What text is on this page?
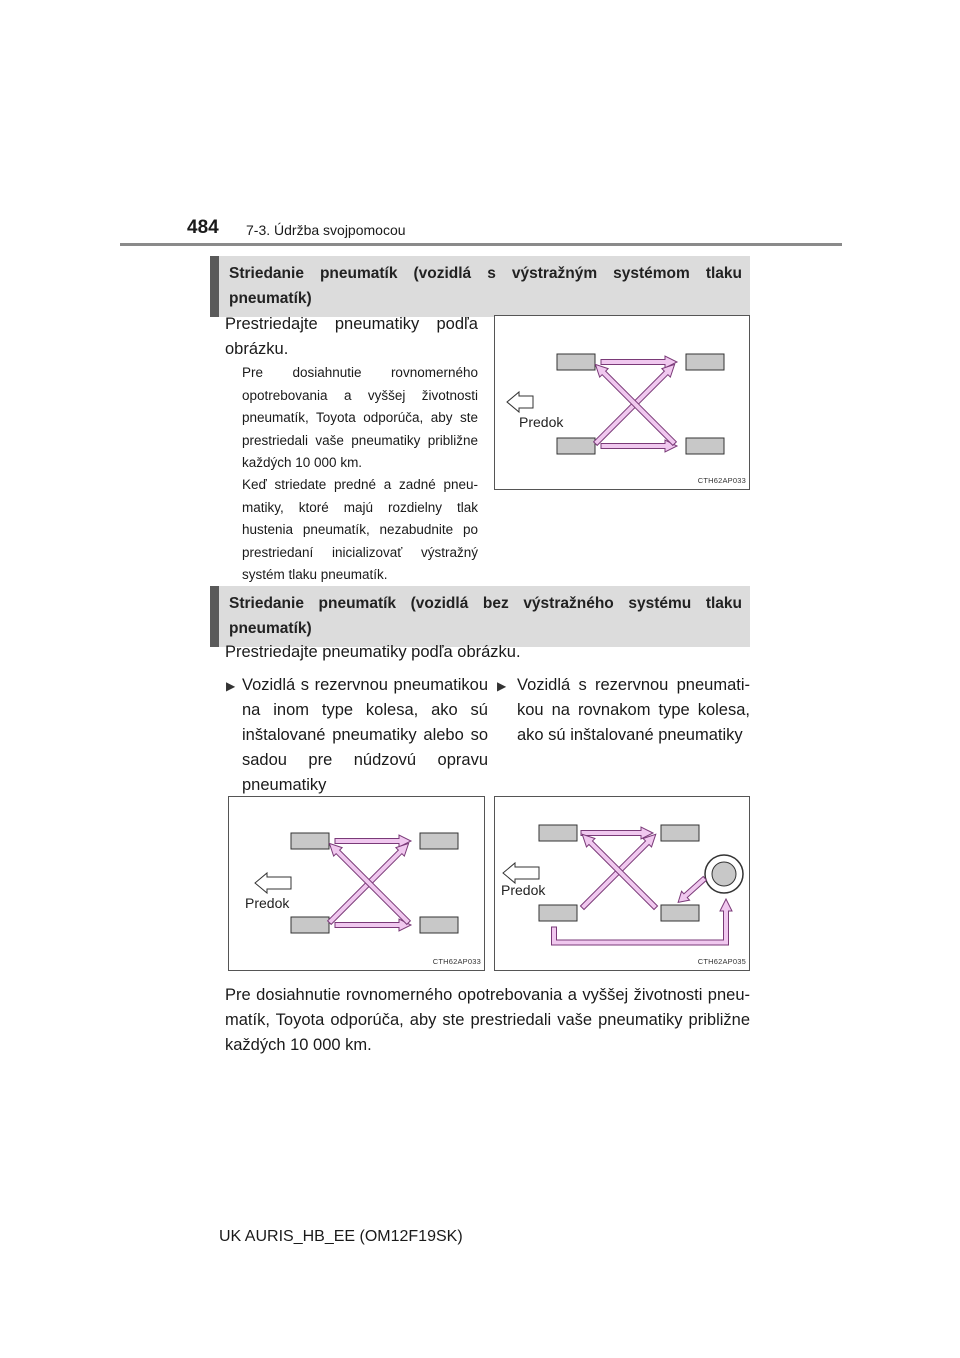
484 7-3. Údržba svojpomocou
Striedanie pneumatík (vozidlá s výstražným systémom tlaku pneumatík)
Prestriedajte pneumatiky podľa obrázku.
Pre dosiahnutie rovnomerného opotrebovania a vyššej životnosti pneumatík, Toyota odporúča, aby ste prestriedali vaše pneumatiky približne každých 10 000 km.
Keď striedate predné a zadné pneumatiky, ktoré majú rozdielny tlak hustenia pneumatík, nezabudnite po prestriedaní inicializovať výstražný systém tlaku pneumatík.
Predok
CTH62AP033
Striedanie pneumatík (vozidlá bez výstražného systému tlaku pneumatík)
Prestriedajte pneumatiky podľa obrázku.
▶ Vozidlá s rezervnou pneumatikou na inom type kolesa, ako sú inštalované pneumatiky alebo so sadou pre núdzovú opravu pneumatiky
▶ Vozidlá s rezervnou pneumatikou na rovnakom type kolesa, ako sú inštalované pneumatiky
Predok
CTH62AP033
Predok
CTH62AP035
Pre dosiahnutie rovnomerného opotrebovania a vyššej životnosti pneumatík, Toyota odporúča, aby ste prestriedali vaše pneumatiky približne každých 10 000 km.
UK AURIS_HB_EE (OM12F19SK)
